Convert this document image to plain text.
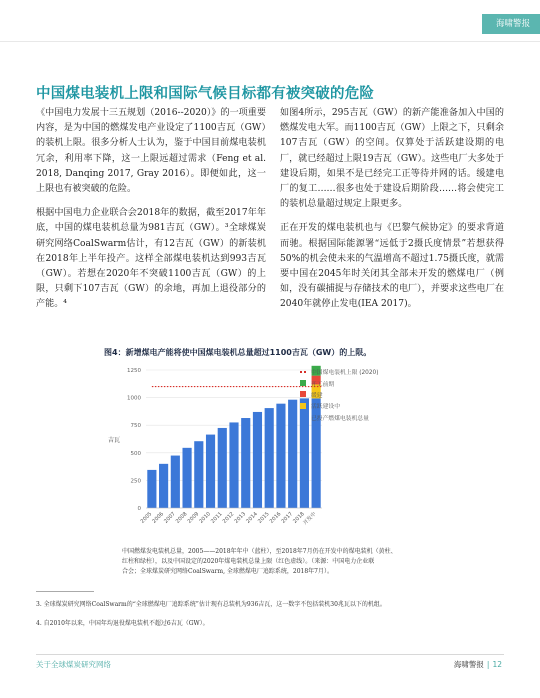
海啸警报
中国煤电装机上限和国际气候目标都有被突破的危险

《中国电力发展十三五规划（2016--2020）》的一项重要内容，是为中国的燃煤发电产业设定了1100吉瓦（GW）的装机上限。很多分析人士认为，鉴于中国目前煤电装机冗余，利用率下降，这一上限远超过需求（Feng et al. 2018, Danqing 2017, Gray 2016）。即便如此，这一上限也有被突破的危险。

根据中国电力企业联合会2018年的数据，截至2017年年底，中国的煤电装机总量为981吉瓦（GW）。³全球煤炭研究网络CoalSwarm估计，有12吉瓦（GW）的新装机在2018年上半年投产。这样全部煤电装机达到993吉瓦（GW）。若想在2020年不突破1100吉瓦（GW）的上限，只剩下107吉瓦（GW）的余地，再加上退役部分的产能。⁴

如图4所示，295吉瓦（GW）的新产能准备加入中国的燃煤发电大军。而1100吉瓦（GW）上限之下，只剩余107吉瓦（GW）的空间。仅算处于活跃建设期的电厂，就已经超过上限19吉瓦（GW）。这些电厂大多处于建设后期，如果不是已经完工正等待并网的话。缓建电厂的复工……很多也处于建设后期阶段……将会使完工的装机总量超过规定上限更多。

正在开发的煤电装机也与《巴黎气候协定》的要求背道而驰。根据国际能源署“远低于2摄氏度情景”若想获得50%的机会使未来的气温增高不超过1.75摄氏度，就需要中国在2045年时关闭其全部未开发的燃煤电厂（例如，没有碳捕捉与存储技术的电厂），并要求这些电厂在2040年就停止发电(IEA 2017)。

图4：新增煤电产能将使中国煤电装机总量超过1100吉瓦（GW）的上限。
0
250
500
750
1000
1250
吉瓦
2005
2006
2007
2008
2009
2010
2011
2012
2013
2014
2015
2016
2017
2018
开发中
中国煤电装机上限 (2020)
开工前期
缓建
活跃建设中
已投产燃煤电装机总量
中国燃煤发电装机总量，2005——2018年年中（蓝柱），至2018年7月仍在开发中的煤电装机（黄柱、
红柱和绿柱），以及中国设定的2020年煤电装机总量上限（红色虚线）。（来源：中国电力企业联
合会；全球煤炭研究网络CoalSwarm, 全球燃煤电厂追踪系统，2018年7月）。

3. 全球煤炭研究网络CoalSwarm的“全球燃煤电厂追踪系统”估计现有总装机为936吉瓦，这一数字不包括装机30兆瓦以下的机组。

4. 自2010年以来，中国年均退役煤电装机不超过6吉瓦（GW）。

关于全球煤炭研究网络	海啸警报 | 12
